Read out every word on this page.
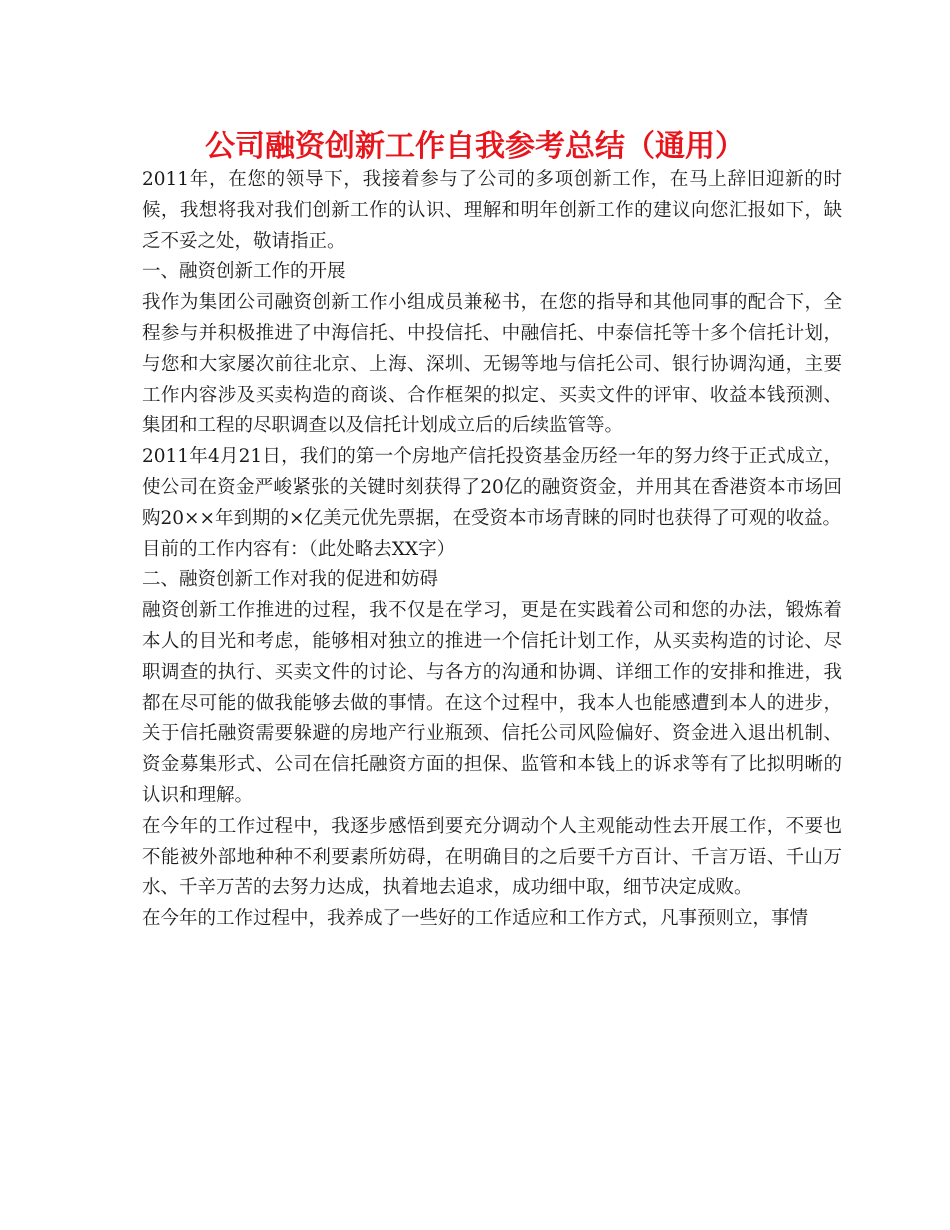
公司融资创新工作自我参考总结（通用）

2011年，在您的领导下，我接着参与了公司的多项创新工作，在马上辞旧迎新的时候，我想将我对我们创新工作的认识、理解和明年创新工作的建议向您汇报如下，缺乏不妥之处，敬请指正。

一、融资创新工作的开展

我作为集团公司融资创新工作小组成员兼秘书，在您的指导和其他同事的配合下，全程参与并积极推进了中海信托、中投信托、中融信托、中泰信托等十多个信托计划，与您和大家屡次前往北京、上海、深圳、无锡等地与信托公司、银行协调沟通，主要工作内容涉及买卖构造的商谈、合作框架的拟定、买卖文件的评审、收益本钱预测、集团和工程的尽职调查以及信托计划成立后的后续监管等。

2011年4月21日，我们的第一个房地产信托投资基金历经一年的努力终于正式成立，使公司在资金严峻紧张的关键时刻获得了20亿的融资资金，并用其在香港资本市场回购20××年到期的×亿美元优先票据，在受资本市场青睐的同时也获得了可观的收益。

目前的工作内容有：（此处略去XX字）

二、融资创新工作对我的促进和妨碍

融资创新工作推进的过程，我不仅是在学习，更是在实践着公司和您的办法，锻炼着本人的目光和考虑，能够相对独立的推进一个信托计划工作，从买卖构造的讨论、尽职调查的执行、买卖文件的讨论、与各方的沟通和协调、详细工作的安排和推进，我都在尽可能的做我能够去做的事情。在这个过程中，我本人也能感遭到本人的进步，关于信托融资需要躲避的房地产行业瓶颈、信托公司风险偏好、资金进入退出机制、资金募集形式、公司在信托融资方面的担保、监管和本钱上的诉求等有了比拟明晰的认识和理解。

在今年的工作过程中，我逐步感悟到要充分调动个人主观能动性去开展工作，不要也不能被外部地种种不利要素所妨碍，在明确目的之后要千方百计、千言万语、千山万水、千辛万苦的去努力达成，执着地去追求，成功细中取，细节决定成败。

在今年的工作过程中，我养成了一些好的工作适应和工作方式，凡事预则立，事情
